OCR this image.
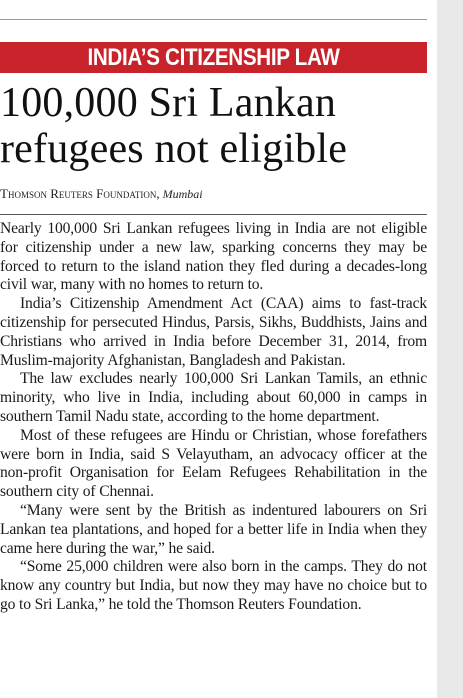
INDIA’S CITIZENSHIP LAW
100,000 Sri Lankan refugees not eligible
Thomson Reuters Foundation, Mumbai

Nearly 100,000 Sri Lankan refugees living in India are not eligible for citizenship under a new law, sparking concerns they may be forced to return to the island nation they fled during a decades-long civil war, many with no homes to return to.

India’s Citizenship Amendment Act (CAA) aims to fast-track citizenship for persecuted Hindus, Parsis, Sikhs, Buddhists, Jains and Christians who arrived in India before December 31, 2014, from Muslim-majority Afghanistan, Bangladesh and Pakistan.

The law excludes nearly 100,000 Sri Lankan Tamils, an ethnic minority, who live in India, including about 60,000 in camps in southern Tamil Nadu state, according to the home department.

Most of these refugees are Hindu or Christian, whose forefathers were born in India, said S Velayutham, an advocacy officer at the non-profit Organisation for Eelam Refugees Rehabilitation in the southern city of Chennai.

“Many were sent by the British as indentured labourers on Sri Lankan tea plantations, and hoped for a better life in India when they came here during the war,” he said.

“Some 25,000 children were also born in the camps. They do not know any country but India, but now they may have no choice but to go to Sri Lanka,” he told the Thomson Reuters Foundation.
